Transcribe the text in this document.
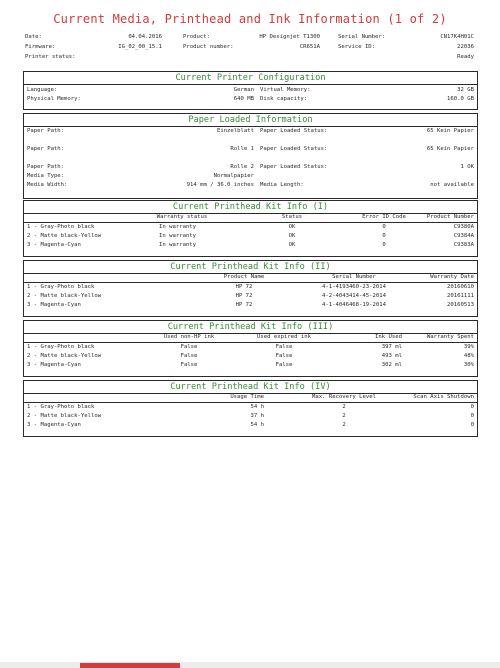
Current Media, Printhead and Ink Information (1 of 2)
Date:	04.04.2016
Firmware:	IG_02_00_15.1
Printer status:
Product:	HP Designjet T1300
Product number:	CR651A
Serial Number:	CN17K4H01C
Service ID:	22036
Ready
Current Printer Configuration
Language:	German
Physical Memory:	640 MB
Virtual Memory:	32 GB
Disk capacity:	160.0 GB
Paper Loaded Information
Paper Path:	Einzelblatt Paper Loaded Status:	65 Kein Papier
Paper Path:	Rolle 1 Paper Loaded Status:	65 Kein Papier
Paper Path:	Rolle 2 Paper Loaded Status:	1 OK
Media Type:	Normalpapier
Media Width:	914 mm / 36.0 inches Media Length:	not available
Current Printhead Kit Info (I)
Warranty status	Status	Error ID Code	Product Number
1 - Gray-Photo black	In warranty	OK	0	C9380A
2 - Matte black-Yellow	In warranty	OK	0	C9384A
3 - Magenta-Cyan	In warranty	OK	0	C9383A
Current Printhead Kit Info (II)
Product Name	Serial Number	Warranty Date
1 - Gray-Photo black	HP 72	4-1-4193460-23-2014	20160610
2 - Matte black-Yellow	HP 72	4-2-4043414-45-2014	20161111
3 - Magenta-Cyan	HP 72	4-1-4046468-19-2014	20160513
Current Printhead Kit Info (III)
Used non-HP ink	Used expired ink	Ink Used	Warranty Spent
1 - Gray-Photo black	False	False	397 ml	39%
2 - Matte black-Yellow	False	False	493 ml	48%
3 - Magenta-Cyan	False	False	302 ml	30%
Current Printhead Kit Info (IV)
Usage Time	Max. Recovery Level	Scan Axis Shutdown
1 - Gray-Photo black	54 h	2	0
2 - Matte black-Yellow	37 h	2	0
3 - Magenta-Cyan	54 h	2	0
